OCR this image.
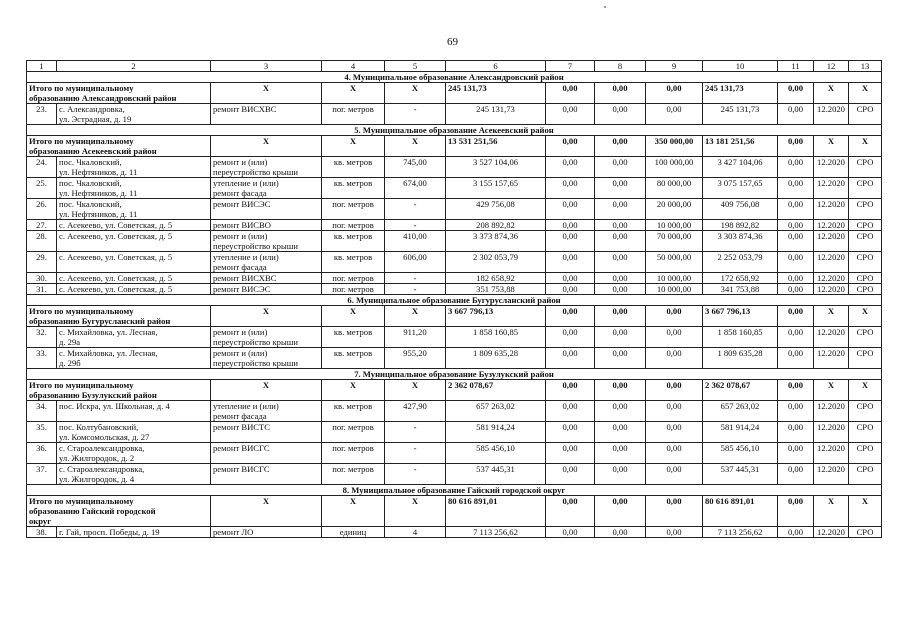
69
1	2	3	4	5	6	7	8	9	10	11	12	13
4. Муниципальное образование Александровский район												
Итого по муниципальному
образованию Александровский район		X	X	X	245 131,73	0,00	0,00	0,00	245 131,73	0,00	X	X
23.	с. Александровка,
ул. Эстрадная, д. 19	ремонт ВИСХВС	пог. метров	-	245 131,73	0,00	0,00	0,00	245 131,73	0,00	12.2020	СРО
5. Муниципальное образование Асекеевский район												
Итого по муниципальному
образованию Асекеевский район		X	X	X	13 531 251,56	0,00	0,00	350 000,00	13 181 251,56	0,00	X	X
24.	пос. Чкаловский,
ул. Нефтяников, д. 11	ремонт и (или)
переустройство крыши	кв. метров	745,00	3 527 104,06	0,00	0,00	100 000,00	3 427 104,06	0,00	12.2020	СРО
25.	пос. Чкаловский,
ул. Нефтяников, д. 11	утепление и (или)
ремонт фасада	кв. метров	674,00	3 155 157,65	0,00	0,00	80 000,00	3 075 157,65	0,00	12.2020	СРО
26.	пос. Чкаловский,
ул. Нефтяников, д. 11	ремонт ВИСЭС	пог. метров	-	429 756,08	0,00	0,00	20 000,00	409 756,08	0,00	12.2020	СРО
27.	с. Асекеево, ул. Советская, д. 5	ремонт ВИСВО	пог. метров	-	208 892,82	0,00	0,00	10 000,00	198 892,82	0,00	12.2020	СРО
28.	с. Асекеево, ул. Советская, д. 5	ремонт и (или)
переустройство крыши	кв. метров	410,00	3 373 874,36	0,00	0,00	70 000,00	3 303 874,36	0,00	12.2020	СРО
29.	с. Асекеево, ул. Советская, д. 5	утепление и (или)
ремонт фасада	кв. метров	606,00	2 302 053,79	0,00	0,00	50 000,00	2 252 053,79	0,00	12.2020	СРО
30.	с. Асекеево, ул. Советская, д. 5	ремонт ВИСХВС	пог. метров	-	182 658,92	0,00	0,00	10 000,00	172 658,92	0,00	12.2020	СРО
31.	с. Асекеево, ул. Советская, д. 5	ремонт ВИСЭС	пог. метров	-	351 753,88	0,00	0,00	10 000,00	341 753,88	0,00	12.2020	СРО
6. Муниципальное образование Бугурусланский район												
Итого по муниципальному
образованию Бугурусланский район		X	X	X	3 667 796,13	0,00	0,00	0,00	3 667 796,13	0,00	X	X
32.	с. Михайловка, ул. Лесная,
д. 29а	ремонт и (или)
переустройство крыши	кв. метров	911,20	1 858 160,85	0,00	0,00	0,00	1 858 160,85	0,00	12.2020	СРО
33.	с. Михайловка, ул. Лесная,
д. 29б	ремонт и (или)
переустройство крыши	кв. метров	955,20	1 809 635,28	0,00	0,00	0,00	1 809 635,28	0,00	12.2020	СРО
7. Муниципальное образование Бузулукский район												
Итого по муниципальному
образованию Бузулукский район		X	X	X	2 362 078,67	0,00	0,00	0,00	2 362 078,67	0,00	X	X
34.	пос. Искра, ул. Школьная, д. 4	утепление и (или)
ремонт фасада	кв. метров	427,90	657 263,02	0,00	0,00	0,00	657 263,02	0,00	12.2020	СРО
35.	пос. Колтубановский,
ул. Комсомольская, д. 27	ремонт ВИСТС	пог. метров	-	581 914,24	0,00	0,00	0,00	581 914,24	0,00	12.2020	СРО
36.	с. Староалександровка,
ул. Жилгородок, д. 2	ремонт ВИСГС	пог. метров	-	585 456,10	0,00	0,00	0,00	585 456,10	0,00	12.2020	СРО
37.	с. Староалександровка,
ул. Жилгородок, д. 4	ремонт ВИСГС	пог. метров	-	537 445,31	0,00	0,00	0,00	537 445,31	0,00	12.2020	СРО
8. Муниципальное образование Гайский городской округ												
Итого по муниципальному
образованию Гайский городской
округ		X	X	X	80 616 891,01	0,00	0,00	0,00	80 616 891,01	0,00	X	X
38.	г. Гай, просп. Победы, д. 19	ремонт ЛО	единиц	4	7 113 256,62	0,00	0,00	0,00	7 113 256,62	0,00	12.2020	СРО
